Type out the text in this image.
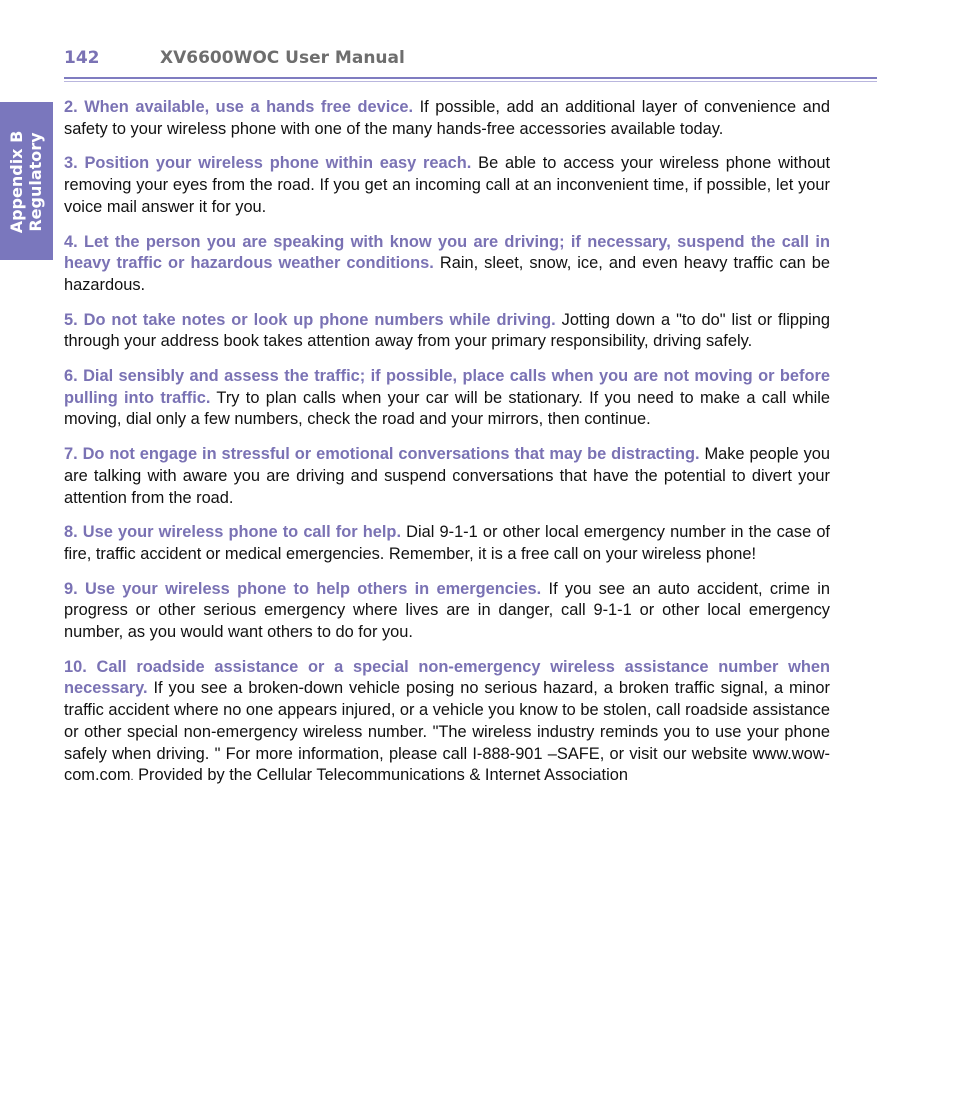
142	XV6600WOC User Manual
Appendix B Regulatory

2. When available, use a hands free device. If possible, add an additional layer of convenience and safety to your wireless phone with one of the many hands-free accessories available today.

3. Position your wireless phone within easy reach. Be able to access your wireless phone without removing your eyes from the road. If you get an incoming call at an inconvenient time, if possible, let your voice mail answer it for you.

4. Let the person you are speaking with know you are driving; if necessary, suspend the call in heavy traffic or hazardous weather conditions. Rain, sleet, snow, ice, and even heavy traffic can be hazardous.

5. Do not take notes or look up phone numbers while driving. Jotting down a "to do" list or flipping through your address book takes attention away from your primary responsibility, driving safely.

6. Dial sensibly and assess the traffic; if possible, place calls when you are not moving or before pulling into traffic. Try to plan calls when your car will be stationary. If you need to make a call while moving, dial only a few numbers, check the road and your mirrors, then continue.

7. Do not engage in stressful or emotional conversations that may be distracting. Make people you are talking with aware you are driving and suspend conversations that have the potential to divert your attention from the road.

8. Use your wireless phone to call for help. Dial 9-1-1 or other local emergency number in the case of fire, traffic accident or medical emergencies. Remember, it is a free call on your wireless phone!

9. Use your wireless phone to help others in emergencies. If you see an auto accident, crime in progress or other serious emergency where lives are in danger, call 9-1-1 or other local emergency number, as you would want others to do for you.

10. Call roadside assistance or a special non-emergency wireless assistance number when necessary. If you see a broken-down vehicle posing no serious hazard, a broken traffic signal, a minor traffic accident where no one appears injured, or a vehicle you know to be stolen, call roadside assistance or other special non-emergency wireless number. "The wireless industry reminds you to use your phone safely when driving. " For more information, please call I-888-901 –SAFE, or visit our website www.wow-com.com. Provided by the Cellular Telecommunications & Internet Association
